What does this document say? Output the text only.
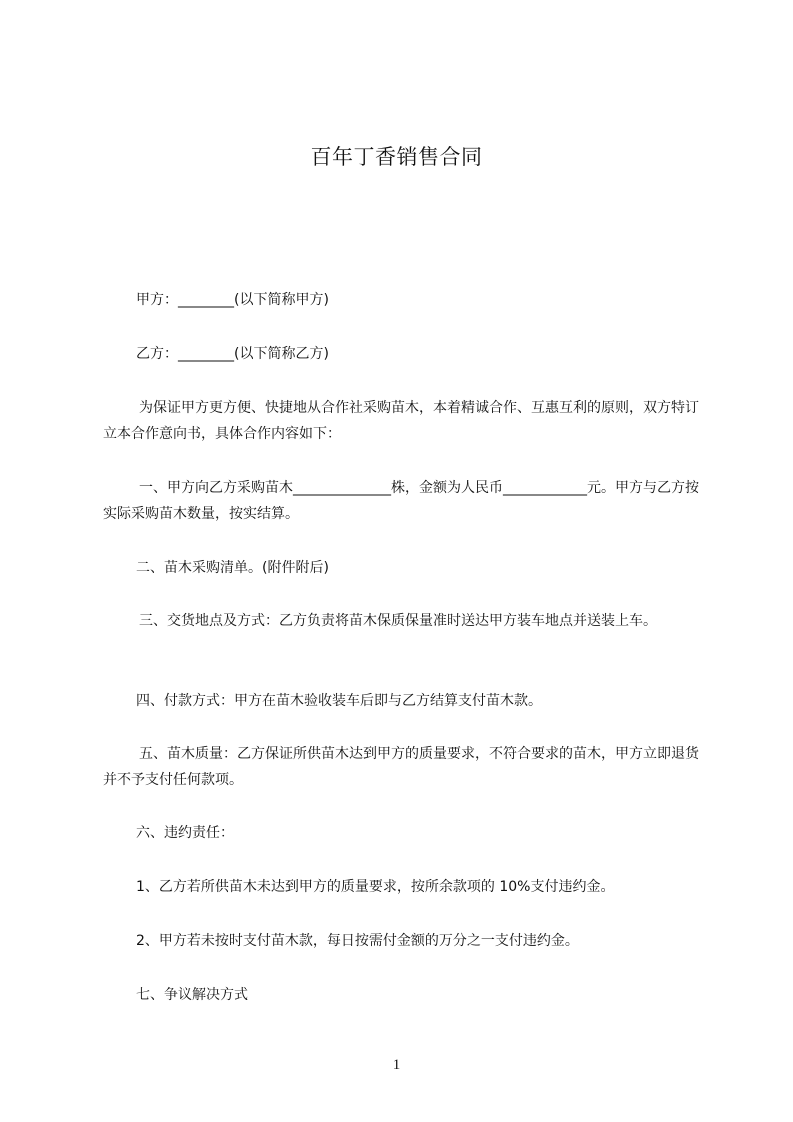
百年丁香销售合同
甲方：________(以下简称甲方)
乙方：________(以下简称乙方)
为保证甲方更方便、快捷地从合作社采购苗木，本着精诚合作、互惠互利的原则，双方特订立本合作意向书，具体合作内容如下：
一、甲方向乙方采购苗木______________株，金额为人民币____________元。甲方与乙方按实际采购苗木数量，按实结算。
二、苗木采购清单。(附件附后)
三、交货地点及方式：乙方负责将苗木保质保量准时送达甲方装车地点并送装上车。
四、付款方式：甲方在苗木验收装车后即与乙方结算支付苗木款。
五、苗木质量：乙方保证所供苗木达到甲方的质量要求，不符合要求的苗木，甲方立即退货并不予支付任何款项。
六、违约责任：
1、乙方若所供苗木未达到甲方的质量要求，按所余款项的 10%支付违约金。
2、甲方若未按时支付苗木款，每日按需付金额的万分之一支付违约金。
七、争议解决方式
1
